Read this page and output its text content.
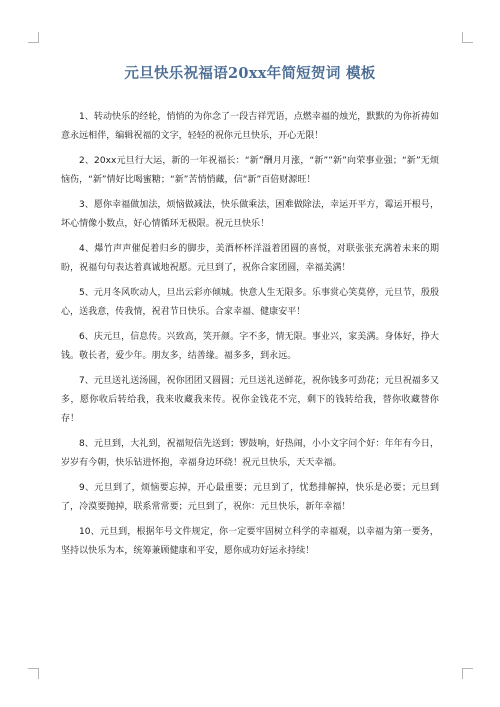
元旦快乐祝福语20xx年简短贺词 模板

1、转动快乐的经轮，悄悄的为你念了一段吉祥咒语，点燃幸福的烛光，默默的为你祈祷如意永远相伴，编辑祝福的文字，轻轻的祝你元旦快乐，开心无限！

2、20xx元旦行大运，新的一年祝福长：“新”酬月月涨，“新””新”向荣事业强；“新”无烦恼伤，“新”情好比喝蜜糖；“新”苦悄悄藏，信“新”百倍财源旺！

3、愿你幸福做加法，烦恼做减法，快乐做乘法，困难做除法，幸运开平方，霉运开根号，坏心情像小数点，好心情循环无极限。祝元旦快乐！

4、爆竹声声催促着归乡的脚步，美酒杯杯洋溢着团圆的喜悦，对联张张充满着未来的期盼，祝福句句表达着真诚地祝愿。元旦到了，祝你合家团圆，幸福美满！

5、元月冬风吹动人，旦出云彩亦倾城。快意人生无限多。乐事赏心笑莫停，元旦节，殷殷心，送我意，传我情，祝君节日快乐。合家幸福、健康安平！

6、庆元旦，信息传。兴致高，笑开颜。字不多，情无限。事业兴，家美满。身体好，挣大钱。敬长者，爱少年。朋友多，结善缘。福多多，到永远。

7、元旦送礼送汤圆，祝你团团又圆圆；元旦送礼送鲜花，祝你钱多可劲花；元旦祝福多又多，愿你收后转给我，我来收藏我来传。祝你金钱花不完，剩下的钱转给我，替你收藏替你存！

8、元旦到，大礼到，祝福短信先送到；锣鼓响，好热闹，小小文字问个好：年年有今日，岁岁有今朝，快乐钻进怀抱，幸福身边环绕！祝元旦快乐，天天幸福。

9、元旦到了，烦恼要忘掉，开心最重要；元旦到了，忧愁排解掉，快乐是必要；元旦到了，冷漠要抛掉，联系常常要；元旦到了，祝你：元旦快乐，新年幸福！

10、元旦到，根据年号文件规定，你一定要牢固树立科学的幸福观，以幸福为第一要务，坚持以快乐为本，统筹兼顾健康和平安，愿你成功好运永持续！
